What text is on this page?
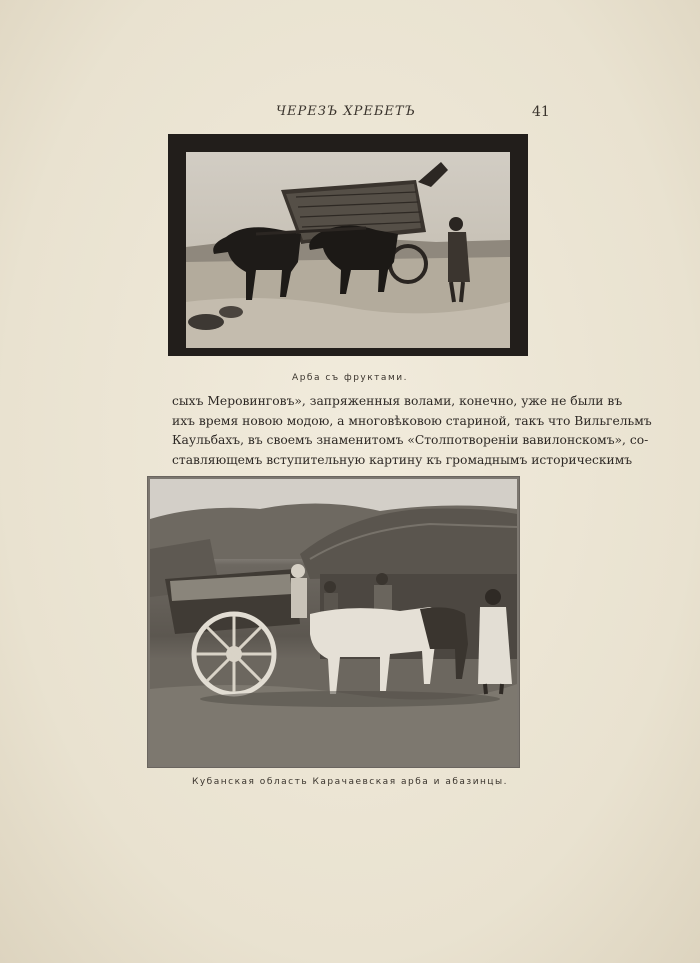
ЧЕРЕЗЪ ХРЕБЕТЪ	41
Арба съ фруктами.
сыхъ Меровинговъ», запряженныя волами, конечно, уже не были въ
ихъ время новою модою, а многовѣковою стариной, такъ что Вильгельмъ
Каульбахъ, въ своемъ знаменитомъ «Столпотвореніи вавилонскомъ», со-
ставляющемъ вступительную картину къ громаднымъ историческимъ
Кубанская область Карачаевская арба и абазинцы.
